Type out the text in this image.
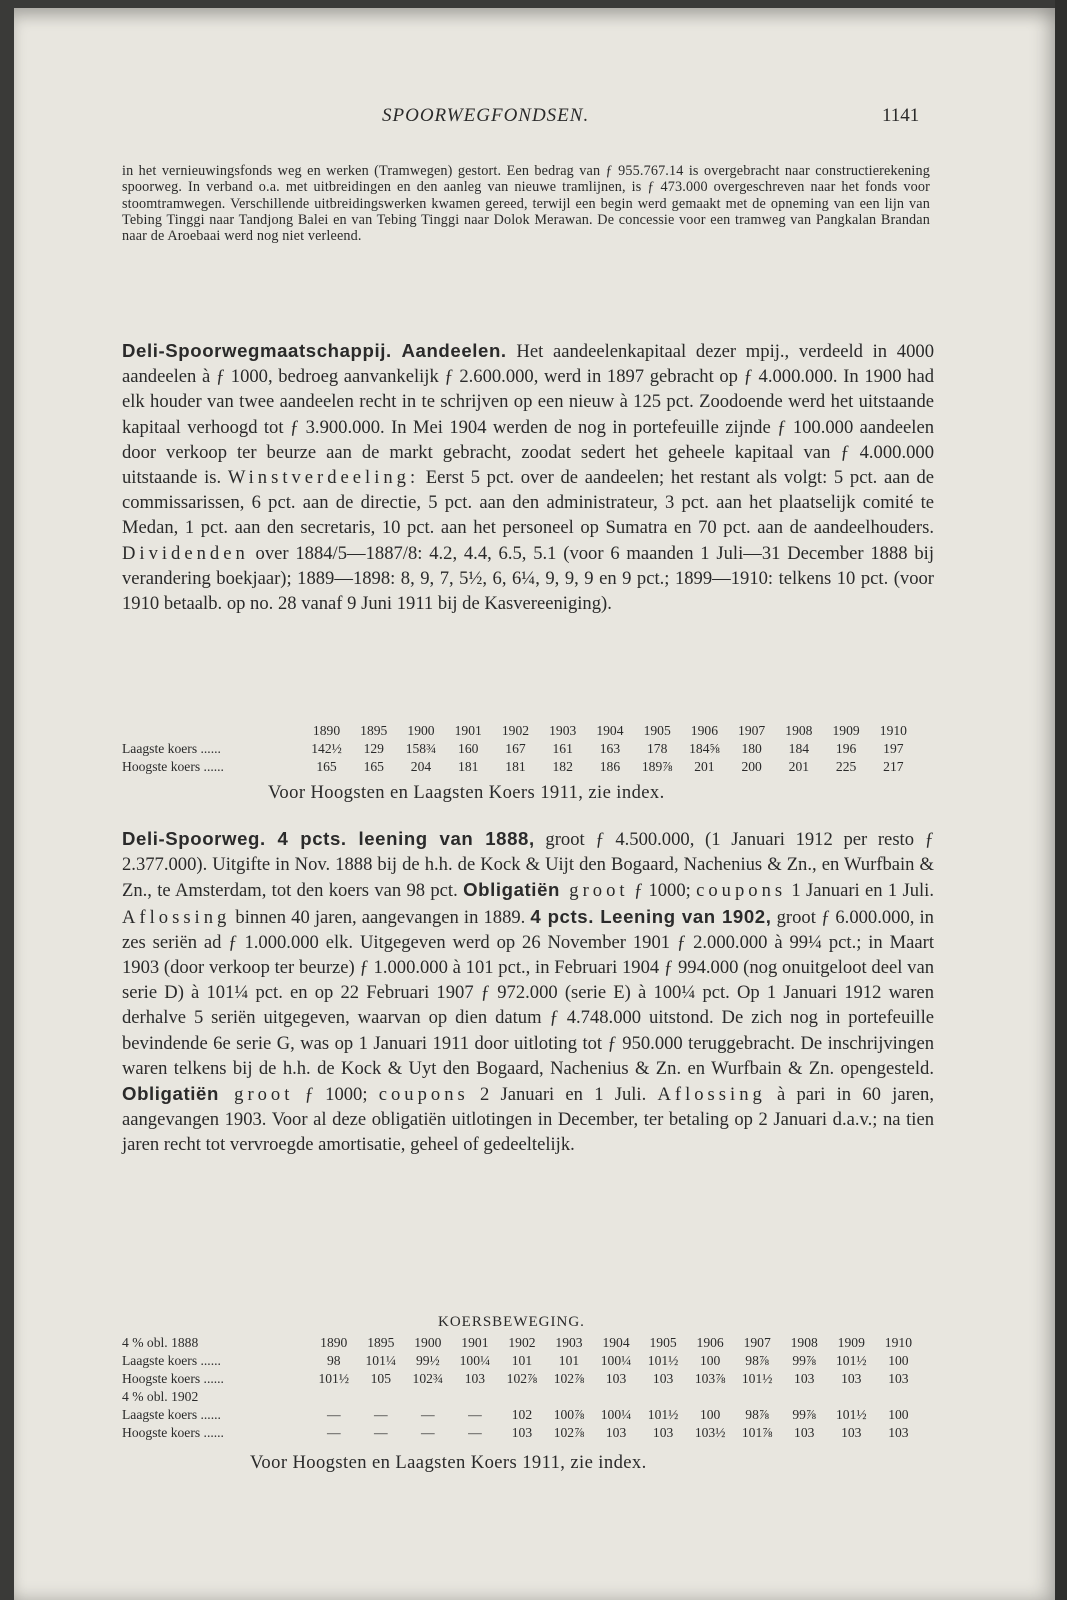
SPOORWEGFONDSEN.	1141

in het vernieuwingsfonds weg en werken (Tramwegen) gestort. Een bedrag van ƒ 955.767.14 is overgebracht naar constructierekening spoorweg. In verband o.a. met uitbreidingen en den aanleg van nieuwe tramlijnen, is ƒ 473.000 overgeschreven naar het fonds voor stoomtramwegen. Verschillende uitbreidingswerken kwamen gereed, terwijl een begin werd gemaakt met de opneming van een lijn van Tebing Tinggi naar Tandjong Balei en van Tebing Tinggi naar Dolok Merawan. De concessie voor een tramweg van Pangkalan Brandan naar de Aroebaai werd nog niet verleend.

Deli-Spoorwegmaatschappij. Aandeelen. Het aandeelenkapitaal dezer mpij., verdeeld in 4000 aandeelen à ƒ 1000, bedroeg aanvankelijk ƒ 2.600.000, werd in 1897 gebracht op ƒ 4.000.000. In 1900 had elk houder van twee aandeelen recht in te schrijven op een nieuw à 125 pct. Zoodoende werd het uitstaande kapitaal verhoogd tot ƒ 3.900.000. In Mei 1904 werden de nog in portefeuille zijnde ƒ 100.000 aandeelen door verkoop ter beurze aan de markt gebracht, zoodat sedert het geheele kapitaal van ƒ 4.000.000 uitstaande is. Winstverdeeling: Eerst 5 pct. over de aandeelen; het restant als volgt: 5 pct. aan de commissarissen, 6 pct. aan de directie, 5 pct. aan den administrateur, 3 pct. aan het plaatselijk comité te Medan, 1 pct. aan den secretaris, 10 pct. aan het personeel op Sumatra en 70 pct. aan de aandeelhouders. Dividenden over 1884/5—1887/8: 4.2, 4.4, 6.5, 5.1 (voor 6 maanden 1 Juli—31 December 1888 bij verandering boekjaar); 1889—1898: 8, 9, 7, 5½, 6, 6¼, 9, 9, 9 en 9 pct.; 1899—1910: telkens 10 pct. (voor 1910 betaalb. op no. 28 vanaf 9 Juni 1911 bij de Kasvereeniging).

	1890	1895	1900	1901	1902	1903	1904	1905	1906	1907	1908	1909	1910
Laagste koers ......	142½	129	158¾	160	167	161	163	178	184⅝	180	184	196	197
Hoogste koers ......	165	165	204	181	181	182	186	189⅞	201	200	201	225	217
Voor Hoogsten en Laagsten Koers 1911, zie index.

Deli-Spoorweg. 4 pcts. leening van 1888, groot ƒ 4.500.000, (1 Januari 1912 per resto ƒ 2.377.000). Uitgifte in Nov. 1888 bij de h.h. de Kock & Uijt den Bogaard, Nachenius & Zn., en Wurfbain & Zn., te Amsterdam, tot den koers van 98 pct. Obligatiën groot ƒ 1000; coupons 1 Januari en 1 Juli. Aflossing binnen 40 jaren, aangevangen in 1889. 4 pcts. Leening van 1902, groot ƒ 6.000.000, in zes seriën ad ƒ 1.000.000 elk. Uitgegeven werd op 26 November 1901 ƒ 2.000.000 à 99¼ pct.; in Maart 1903 (door verkoop ter beurze) ƒ 1.000.000 à 101 pct., in Februari 1904 ƒ 994.000 (nog onuitgeloot deel van serie D) à 101¼ pct. en op 22 Februari 1907 ƒ 972.000 (serie E) à 100¼ pct. Op 1 Januari 1912 waren derhalve 5 seriën uitgegeven, waarvan op dien datum ƒ 4.748.000 uitstond. De zich nog in portefeuille bevindende 6e serie G, was op 1 Januari 1911 door uitloting tot ƒ 950.000 teruggebracht. De inschrijvingen waren telkens bij de h.h. de Kock & Uyt den Bogaard, Nachenius & Zn. en Wurfbain & Zn. opengesteld. Obligatiën groot ƒ 1000; coupons 2 Januari en 1 Juli. Aflossing à pari in 60 jaren, aangevangen 1903. Voor al deze obligatiën uitlotingen in December, ter betaling op 2 Januari d.a.v.; na tien jaren recht tot vervroegde amortisatie, geheel of gedeeltelijk.

KOERSBEWEGING.
4 % obl. 1888	1890	1895	1900	1901	1902	1903	1904	1905	1906	1907	1908	1909	1910
Laagste koers ......	98	101¼	99½	100¼	101	101	100¼	101½	100	98⅞	99⅞	101½	100
Hoogste koers ......	101½	105	102¾	103	102⅞	102⅞	103	103	103⅞	101½	103	103	103
4 % obl. 1902													
Laagste koers ......	—	—	—	—	102	100⅞	100¼	101½	100	98⅞	99⅞	101½	100
Hoogste koers ......	—	—	—	—	103	102⅞	103	103	103½	101⅞	103	103	103
Voor Hoogsten en Laagsten Koers 1911, zie index.
